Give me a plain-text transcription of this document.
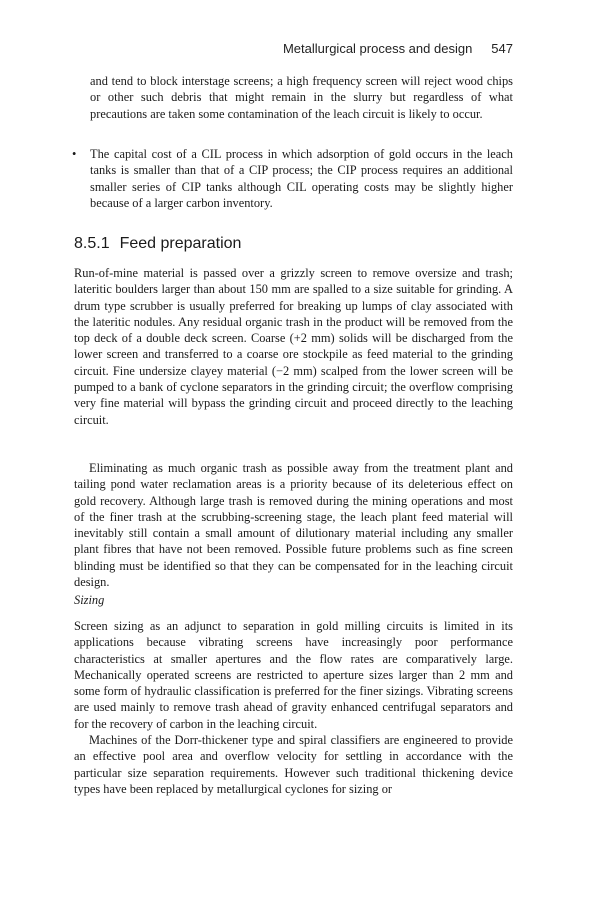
Metallurgical process and design 547

and tend to block interstage screens; a high frequency screen will reject wood chips or other such debris that might remain in the slurry but regardless of what precautions are taken some contamination of the leach circuit is likely to occur.

• The capital cost of a CIL process in which adsorption of gold occurs in the leach tanks is smaller than that of a CIP process; the CIP process requires an additional smaller series of CIP tanks although CIL operating costs may be slightly higher because of a larger carbon inventory.

8.5.1 Feed preparation

Run-of-mine material is passed over a grizzly screen to remove oversize and trash; lateritic boulders larger than about 150 mm are spalled to a size suitable for grinding. A drum type scrubber is usually preferred for breaking up lumps of clay associated with the lateritic nodules. Any residual organic trash in the product will be removed from the top deck of a double deck screen. Coarse (+2 mm) solids will be discharged from the lower screen and transferred to a coarse ore stockpile as feed material to the grinding circuit. Fine undersize clayey material (−2 mm) scalped from the lower screen will be pumped to a bank of cyclone separators in the grinding circuit; the overflow comprising very fine material will bypass the grinding circuit and proceed directly to the leaching circuit.

Eliminating as much organic trash as possible away from the treatment plant and tailing pond water reclamation areas is a priority because of its deleterious effect on gold recovery. Although large trash is removed during the mining operations and most of the finer trash at the scrubbing-screening stage, the leach plant feed material will inevitably still contain a small amount of dilutionary material including any smaller plant fibres that have not been removed. Possible future problems such as fine screen blinding must be identified so that they can be compensated for in the leaching circuit design.

Sizing

Screen sizing as an adjunct to separation in gold milling circuits is limited in its applications because vibrating screens have increasingly poor performance characteristics at smaller apertures and the flow rates are comparatively large. Mechanically operated screens are restricted to aperture sizes larger than 2 mm and some form of hydraulic classification is preferred for the finer sizings. Vibrating screens are used mainly to remove trash ahead of gravity enhanced centrifugal separators and for the recovery of carbon in the leaching circuit.

Machines of the Dorr-thickener type and spiral classifiers are engineered to provide an effective pool area and overflow velocity for settling in accordance with the particular size separation requirements. However such traditional thickening device types have been replaced by metallurgical cyclones for sizing or
